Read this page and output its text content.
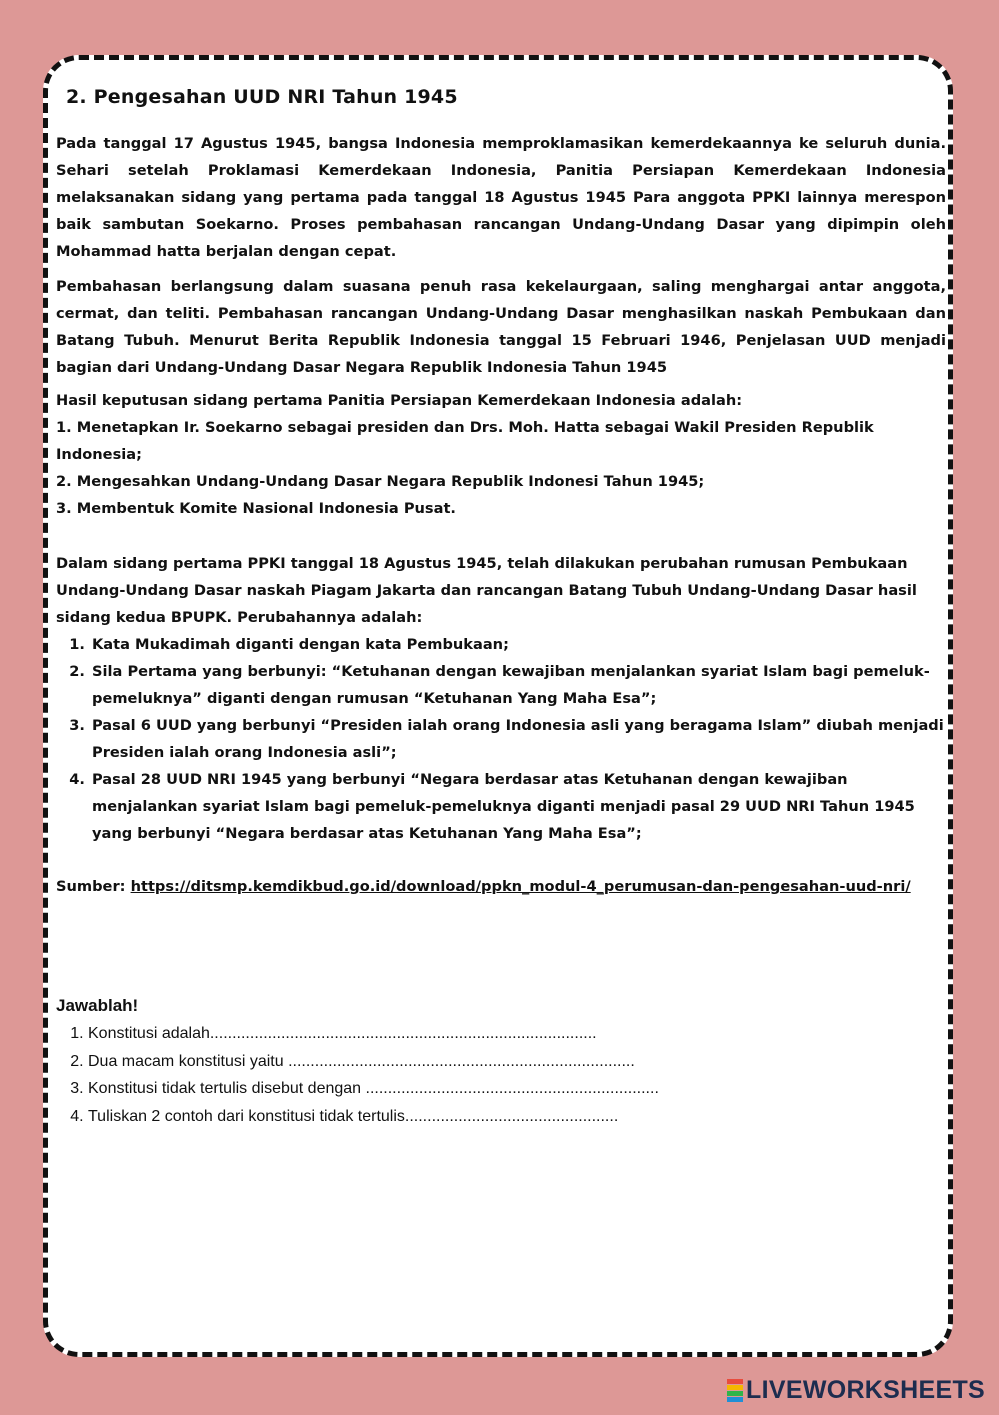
2. Pengesahan UUD NRI Tahun 1945

Pada tanggal 17 Agustus 1945, bangsa Indonesia memproklamasikan kemerdekaannya ke seluruh dunia. Sehari setelah Proklamasi Kemerdekaan Indonesia, Panitia Persiapan Kemerdekaan Indonesia melaksanakan sidang yang pertama pada tanggal 18 Agustus 1945 Para anggota PPKI lainnya merespon baik sambutan Soekarno. Proses pembahasan rancangan Undang-Undang Dasar yang dipimpin oleh Mohammad hatta berjalan dengan cepat.

Pembahasan berlangsung dalam suasana penuh rasa kekelaurgaan, saling menghargai antar anggota, cermat, dan teliti. Pembahasan rancangan Undang-Undang Dasar menghasilkan naskah Pembukaan dan Batang Tubuh. Menurut Berita Republik Indonesia tanggal 15 Februari 1946, Penjelasan UUD menjadi bagian dari Undang-Undang Dasar Negara Republik Indonesia Tahun 1945

Hasil keputusan sidang pertama Panitia Persiapan Kemerdekaan Indonesia adalah:

1. Menetapkan Ir. Soekarno sebagai presiden dan Drs. Moh. Hatta sebagai Wakil Presiden Republik Indonesia;
2. Mengesahkan Undang-Undang Dasar Negara Republik Indonesi Tahun 1945;
3. Membentuk Komite Nasional Indonesia Pusat.

Dalam sidang pertama PPKI tanggal 18 Agustus 1945, telah dilakukan perubahan rumusan Pembukaan Undang-Undang Dasar naskah Piagam Jakarta dan rancangan Batang Tubuh Undang-Undang Dasar hasil sidang kedua BPUPK. Perubahannya adalah:

1. Kata Mukadimah diganti dengan kata Pembukaan;
2. Sila Pertama yang berbunyi: “Ketuhanan dengan kewajiban menjalankan syariat Islam bagi pemeluk-pemeluknya” diganti dengan rumusan “Ketuhanan Yang Maha Esa”;
3. Pasal 6 UUD yang berbunyi “Presiden ialah orang Indonesia asli yang beragama Islam” diubah menjadi Presiden ialah orang Indonesia asli”;
4. Pasal 28 UUD NRI 1945 yang berbunyi “Negara berdasar atas Ketuhanan dengan kewajiban menjalankan syariat Islam bagi pemeluk-pemeluknya diganti menjadi pasal 29 UUD NRI Tahun 1945 yang berbunyi “Negara berdasar atas Ketuhanan Yang Maha Esa”;
Sumber: https://ditsmp.kemdikbud.go.id/download/ppkn_modul-4_perumusan-dan-pengesahan-uud-nri/
Jawablah!
1. Konstitusi adalah.......................................................................................
2. Dua macam konstitusi yaitu ..............................................................................
3. Konstitusi tidak tertulis disebut dengan ..................................................................
4. Tuliskan 2 contoh dari konstitusi tidak tertulis................................................
LIVEWORKSHEETS
